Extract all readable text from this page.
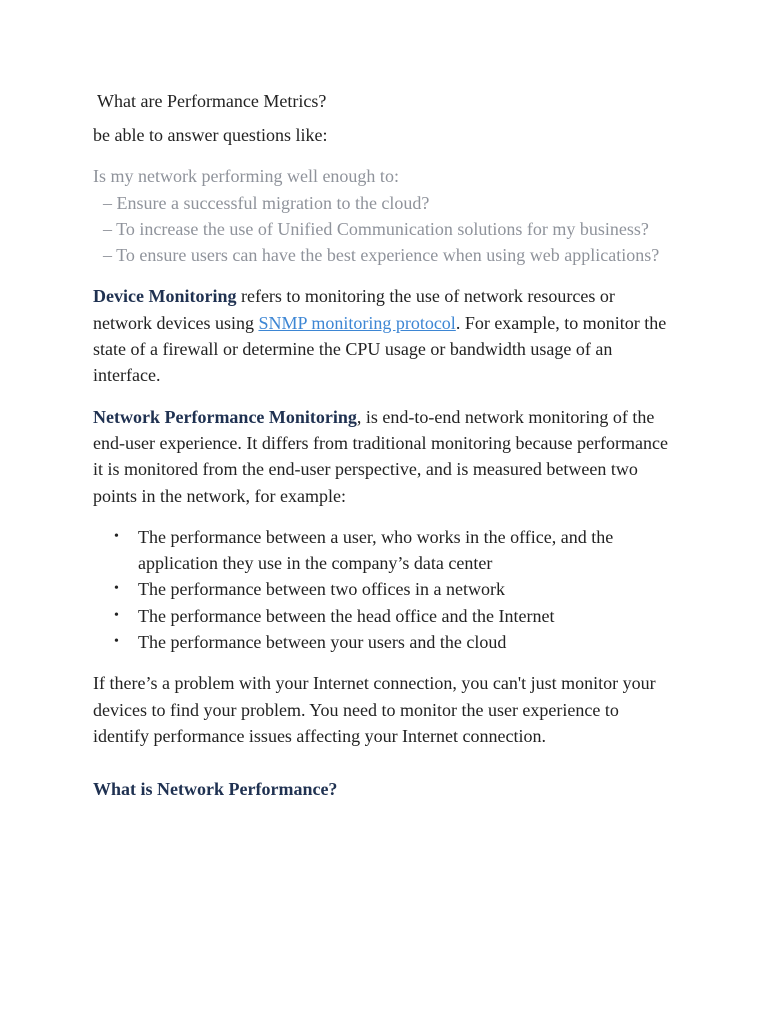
What are Performance Metrics?

be able to answer questions like:

Is my network performing well enough to:
– Ensure a successful migration to the cloud?
– To increase the use of Unified Communication solutions for my business?
– To ensure users can have the best experience when using web applications?

Device Monitoring refers to monitoring the use of network resources or network devices using SNMP monitoring protocol. For example, to monitor the state of a firewall or determine the CPU usage or bandwidth usage of an interface.

Network Performance Monitoring, is end-to-end network monitoring of the end-user experience. It differs from traditional monitoring because performance it is monitored from the end-user perspective, and is measured between two points in the network, for example:

• The performance between a user, who works in the office, and the application they use in the company’s data center
• The performance between two offices in a network
• The performance between the head office and the Internet
• The performance between your users and the cloud

If there’s a problem with your Internet connection, you can't just monitor your devices to find your problem. You need to monitor the user experience to identify performance issues affecting your Internet connection.

What is Network Performance?
